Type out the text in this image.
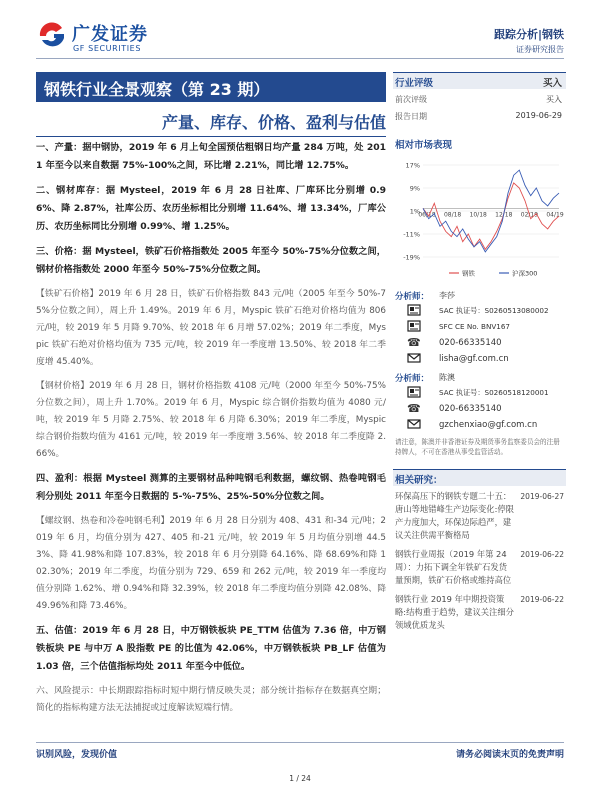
广发证券
GF SECURITIES
跟踪分析|钢铁
证券研究报告
钢铁行业全景观察（第 23 期）
产量、库存、价格、盈利与估值

一、产量：据中钢协，2019 年 6 月上旬全国预估粗钢日均产量 284 万吨，处 2011 年至今以来自数据 75%-100%之间，环比增 2.21%，同比增 12.75%。

二、钢材库存：据 Mysteel，2019 年 6 月 28 日社库、厂库环比分别增 0.96%、降 2.87%，社库公历、农历坐标相比分别增 11.64%、增 13.34%，厂库公历、农历坐标同比分别增 0.99%、增 1.25%。

三、价格：据 Mysteel，铁矿石价格指数处 2005 年至今 50%-75%分位数之间，钢材价格指数处 2000 年至今 50%-75%分位数之间。

【铁矿石价格】2019 年 6 月 28 日，铁矿石价格指数 843 元/吨（2005 年至今 50%-75%分位数之间），周上升 1.49%。2019 年 6 月，Myspic 铁矿石绝对价格均值为 806 元/吨，较 2019 年 5 月降 9.70%、较 2018 年 6 月增 57.02%；2019 年二季度，Myspic 铁矿石绝对价格均值为 735 元/吨，较 2019 年一季度增 13.50%、较 2018 年二季度增 45.40%。

【钢材价格】2019 年 6 月 28 日，钢材价格指数 4108 元/吨（2000 年至今 50%-75%分位数之间），周上升 1.70%。2019 年 6 月，Myspic 综合钢价指数均值为 4080 元/吨，较 2019 年 5 月降 2.75%、较 2018 年 6 月降 6.30%；2019 年二季度，Myspic 综合钢价指数均值为 4161 元/吨，较 2019 年一季度增 3.56%、较 2018 年二季度降 2.66%。

四、盈利：根据 Mysteel 测算的主要钢材品种吨钢毛利数据，螺纹钢、热卷吨钢毛利分别处 2011 年至今日数据的 5-%-75%、25%-50%分位数之间。

【螺纹钢、热卷和冷卷吨钢毛利】2019 年 6 月 28 日分别为 408、431 和-34 元/吨；2019 年 6 月，均值分别为 427、405 和-21 元/吨，较 2019 年 5 月均值分别增 44.53%、降 41.98%和降 107.83%，较 2018 年 6 月分别降 64.16%、降 68.69%和降 102.30%；2019 年二季度，均值分别为 729、659 和 262 元/吨，较 2019 年一季度均值分别降 1.62%、增 0.94%和降 32.39%，较 2018 年二季度均值分别降 42.08%、降 49.96%和降 73.46%。

五、估值：2019 年 6 月 28 日，中万钢铁板块 PE_TTM 估值为 7.36 倍，中万钢铁板块 PE 与中万 A 股指数 PE 的比值为 42.06%，中万钢铁板块 PB_LF 估值为 1.03 倍，三个估值指标均处 2011 年至今中低位。

六、风险提示：中长期跟踪指标时短中期行情反映失灵；部分统计指标存在数据真空期；简化的指标构建方法无法捕捉或过度解读短端行情。

行业评级	买入
前次评级	买入
报告日期	2019-06-29
相对市场表现
17%
9%
1%
-11%
-19%
06/18 08/18 10/18 12/18 02/19 04/19
钢铁	沪深300
分析师： 李莎
SAC 执证号：S0260513080002
SFC CE No. BNV167
☎ 020-66335140
lisha@gf.com.cn
分析师： 陈澳
SAC 执证号：S0260518120001
☎ 020-66335140
gzchenxiao@gf.com.cn
请注意，陈澳并非香港证券及期货事务监察委员会的注册持牌人，不可在香港从事受监管活动。
相关研究：
环保高压下的钢铁专题二十五：唐山等地错峰生产边际变化:停限产力度加大，环保边际趋严，建议关注供需平衡格局
2019-06-27
钢铁行业周报（2019 年第 24 周）：力拓下调全年铁矿石发货量预期，铁矿石价格或维持高位
2019-06-22
钢铁行业 2019 年中期投资策略:结构重于趋势，建议关注细分领域优质龙头
2019-06-22
识别风险，发现价值	请务必阅读末页的免责声明
1 / 24
